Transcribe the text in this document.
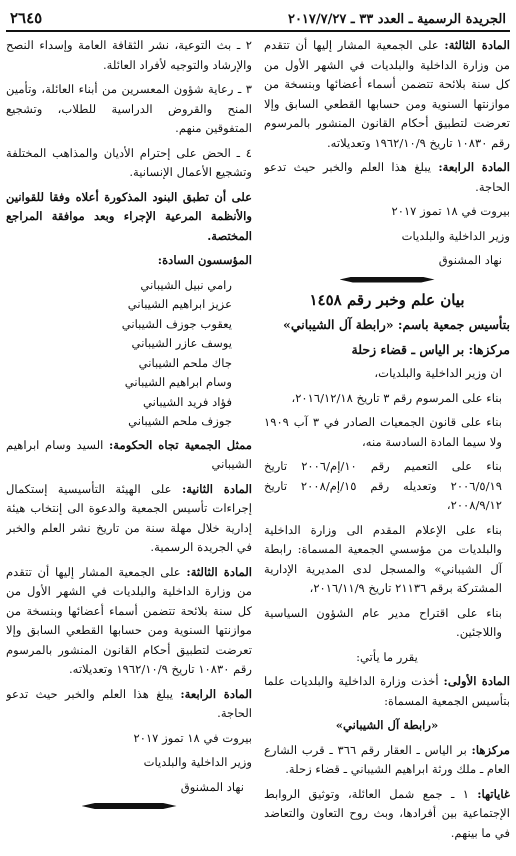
الجريدة الرسمية ـ العدد ٣٣ ـ ٢٠١٧/٧/٢٧
٢٦٤٥

المادة الثالثة: على الجمعية المشار إليها أن تتقدم من وزارة الداخلية والبلديات في الشهر الأول من كل سنة بلائحة تتضمن أسماء أعضائها وبنسخة من موازنتها السنوية ومن حسابها القطعي السابق وإلا تعرضت لتطبيق أحكام القانون المنشور بالمرسوم رقم ١٠٨٣٠ تاريخ ١٩٦٢/١٠/٩ وتعديلاته.

المادة الرابعة: يبلغ هذا العلم والخبر حيث تدعو الحاجة.

بيروت في ١٨ تموز ٢٠١٧

وزير الداخلية والبلديات

نهاد المشنوق

بيان علم وخبر رقم ١٤٥٨

بتأسيس جمعية باسم: «رابطة آل الشيباني»

مركزها: بر الياس ـ قضاء زحلة

ان وزير الداخلية والبلديات،

بناء على المرسوم رقم ٣ تاريخ ٢٠١٦/١٢/١٨،

بناء على قانون الجمعيات الصادر في ٣ آب ١٩٠٩ ولا سيما المادة السادسة منه،

بناء على التعميم رقم ١٠/إم/٢٠٠٦ تاريخ ٢٠٠٦/٥/١٩ وتعديله رقم ١٥/إم/٢٠٠٨ تاريخ ٢٠٠٨/٩/١٢،

بناء على الإعلام المقدم الى وزارة الداخلية والبلديات من مؤسسي الجمعية المسماة: رابطة آل الشيباني» والمسجل لدى المديرية الإدارية المشتركة برقم ٢١١٣٦ تاريخ ٢٠١٦/١١/٩،

بناء على اقتراح مدير عام الشؤون السياسية واللاجئين.

يقرر ما يأتي:

المادة الأولى: أخذت وزارة الداخلية والبلديات علما بتأسيس الجمعية المسماة:

«رابطة آل الشيباني»

مركزها: بر الياس ـ العقار رقم ٣٦٦ ـ قرب الشارع العام ـ ملك ورثة ابراهيم الشيباني ـ قضاء زحلة.

غاياتها: ١ ـ جمع شمل العائلة، وتوثيق الروابط الإجتماعية بين أفرادها، وبث روح التعاون والتعاضد في ما بينهم.

٢ ـ بث التوعية، نشر الثقافة العامة وإسداء النصح والإرشاد والتوجيه لأفراد العائلة.

٣ ـ رعاية شؤون المعسرين من أبناء العائلة، وتأمين المنح والقروض الدراسية للطلاب، وتشجيع المتفوقين منهم.

٤ ـ الحض على إحترام الأديان والمذاهب المختلفة وتشجيع الأعمال الإنسانية.

على أن تطبق البنود المذكورة أعلاه وفقا للقوانين والأنظمة المرعية الإجراء وبعد موافقة المراجع المختصة.

المؤسسون السادة:

رامي نبيل الشيباني
عزيز ابراهيم الشيباني
يعقوب جوزف الشيباني
يوسف عازر الشيباني
جاك ملحم الشيباني
وسام ابراهيم الشيباني
فؤاد فريد الشيباني
جوزف ملحم الشيباني

ممثل الجمعية تجاه الحكومة: السيد وسام ابراهيم الشيباني

المادة الثانية: على الهيئة التأسيسية إستكمال إجراءات تأسيس الجمعية والدعوة الى إنتخاب هيئة إدارية خلال مهلة سنة من تاريخ نشر العلم والخبر في الجريدة الرسمية.

المادة الثالثة: على الجمعية المشار إليها أن تتقدم من وزارة الداخلية والبلديات في الشهر الأول من كل سنة بلائحة تتضمن أسماء أعضائها وبنسخة من موازنتها السنوية ومن حسابها القطعي السابق وإلا تعرضت لتطبيق أحكام القانون المنشور بالمرسوم رقم ١٠٨٣٠ تاريخ ١٩٦٢/١٠/٩ وتعديلاته.

المادة الرابعة: يبلغ هذا العلم والخبر حيث تدعو الحاجة.

بيروت في ١٨ تموز ٢٠١٧

وزير الداخلية والبلديات

نهاد المشنوق
